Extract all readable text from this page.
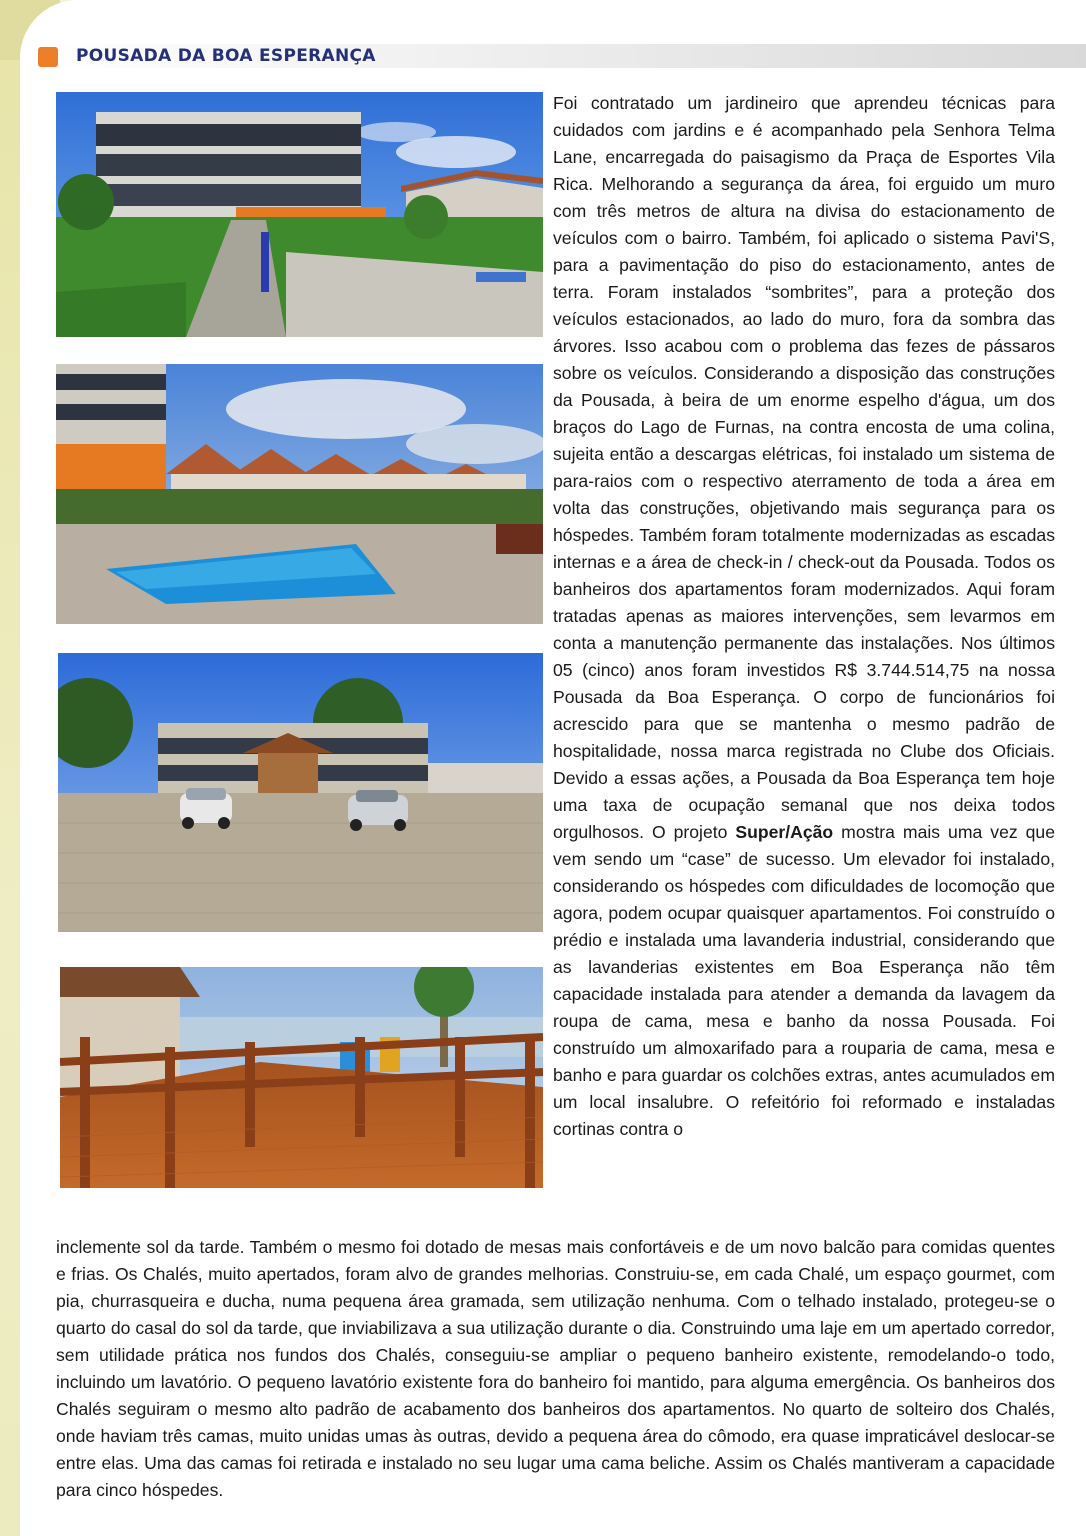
POUSADA DA BOA ESPERANÇA

Foi contratado um jardineiro que aprendeu técnicas para cuidados com jardins e é acompanhado pela Senhora Telma Lane, encarregada do paisagismo da Praça de Esportes Vila Rica. Melhorando a segurança da área, foi erguido um muro com três metros de altura na divisa do estacionamento de veículos com o bairro. Também, foi aplicado o sistema Pavi'S, para a pavimentação do piso do estacionamento, antes de terra. Foram instalados “sombrites”, para a proteção dos veículos estacionados, ao lado do muro, fora da sombra das árvores. Isso acabou com o problema das fezes de pássaros sobre os veículos. Considerando a disposição das construções da Pousada, à beira de um enorme espelho d'água, um dos braços do Lago de Furnas, na contra encosta de uma colina, sujeita então a descargas elétricas, foi instalado um sistema de para-raios com o respectivo aterramento de toda a área em volta das construções, objetivando mais segurança para os hóspedes. Também foram totalmente modernizadas as escadas internas e a área de check-in / check-out da Pousada. Todos os banheiros dos apartamentos foram modernizados. Aqui foram tratadas apenas as maiores intervenções, sem levarmos em conta a manutenção permanente das instalações. Nos últimos 05 (cinco) anos foram investidos R$ 3.744.514,75 na nossa Pousada da Boa Esperança. O corpo de funcionários foi acrescido para que se mantenha o mesmo padrão de hospitalidade, nossa marca registrada no Clube dos Oficiais. Devido a essas ações, a Pousada da Boa Esperança tem hoje uma taxa de ocupação semanal que nos deixa todos orgulhosos. O projeto Super/Ação mostra mais uma vez que vem sendo um “case” de sucesso. Um elevador foi instalado, considerando os hóspedes com dificuldades de locomoção que agora, podem ocupar quaisquer apartamentos. Foi construído o prédio e instalada uma lavanderia industrial, considerando que as lavanderias existentes em Boa Esperança não têm capacidade instalada para atender a demanda da lavagem da roupa de cama, mesa e banho da nossa Pousada. Foi construído um almoxarifado para a rouparia de cama, mesa e banho e para guardar os colchões extras, antes acumulados em um local insalubre. O refeitório foi reformado e instaladas cortinas contra o

inclemente sol da tarde. Também o mesmo foi dotado de mesas mais confortáveis e de um novo balcão para comidas quentes e frias. Os Chalés, muito apertados, foram alvo de grandes melhorias. Construiu-se, em cada Chalé, um espaço gourmet, com pia, churrasqueira e ducha, numa pequena área gramada, sem utilização nenhuma. Com o telhado instalado, protegeu-se o quarto do casal do sol da tarde, que inviabilizava a sua utilização durante o dia. Construindo uma laje em um apertado corredor, sem utilidade prática nos fundos dos Chalés, conseguiu-se ampliar o pequeno banheiro existente, remodelando-o todo, incluindo um lavatório. O pequeno lavatório existente fora do banheiro foi mantido, para alguma emergência. Os banheiros dos Chalés seguiram o mesmo alto padrão de acabamento dos banheiros dos apartamentos. No quarto de solteiro dos Chalés, onde haviam três camas, muito unidas umas às outras, devido a pequena área do cômodo, era quase impraticável deslocar-se entre elas. Uma das camas foi retirada e instalado no seu lugar uma cama beliche. Assim os Chalés mantiveram a capacidade para cinco hóspedes.
